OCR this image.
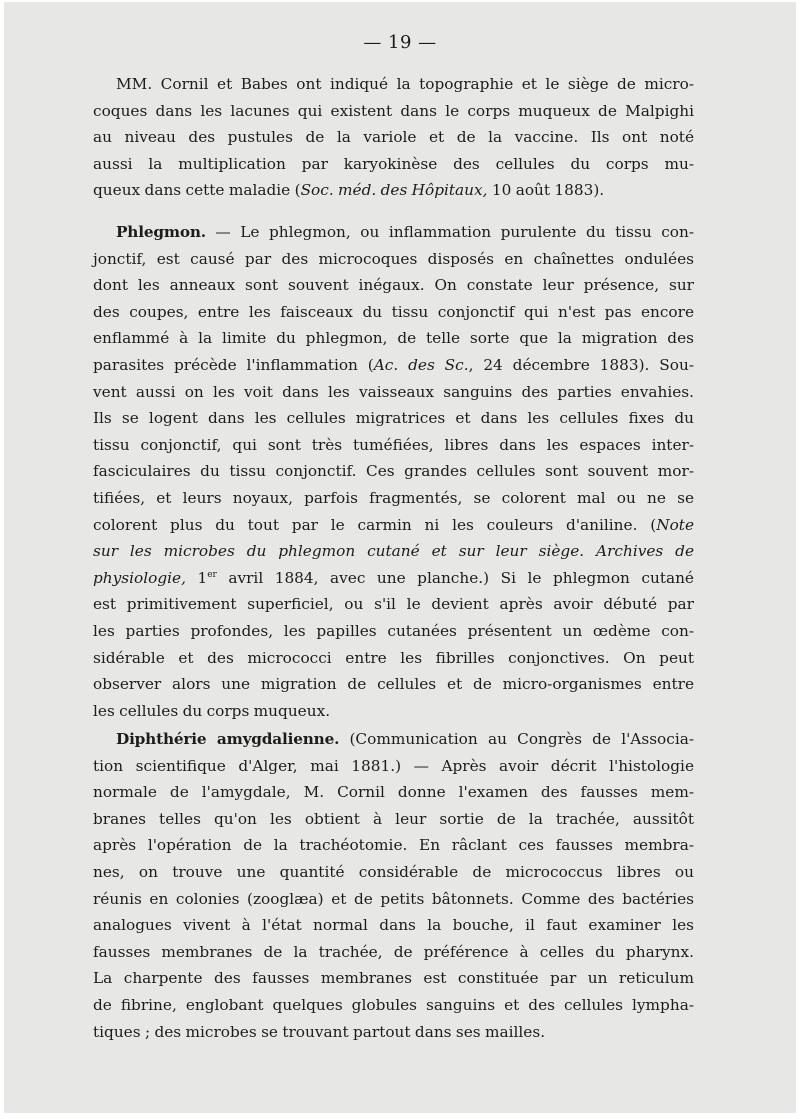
— 19 —
MM. Cornil et Babes ont indiqué la topographie et le siège de micro-
coques dans les lacunes qui existent dans le corps muqueux de Malpighi
au niveau des pustules de la variole et de la vaccine. Ils ont noté
aussi la multiplication par karyokinèse des cellules du corps mu-
queux dans cette maladie (Soc. méd. des Hôpitaux, 10 août 1883).
Phlegmon. — Le phlegmon, ou inflammation purulente du tissu con-
jonctif, est causé par des microcoques disposés en chaînettes ondulées
dont les anneaux sont souvent inégaux. On constate leur présence, sur
des coupes, entre les faisceaux du tissu conjonctif qui n'est pas encore
enflammé à la limite du phlegmon, de telle sorte que la migration des
parasites précède l'inflammation (Ac. des Sc., 24 décembre 1883). Sou-
vent aussi on les voit dans les vaisseaux sanguins des parties envahies.
Ils se logent dans les cellules migratrices et dans les cellules fixes du
tissu conjonctif, qui sont très tuméfiées, libres dans les espaces inter-
fasciculaires du tissu conjonctif. Ces grandes cellules sont souvent mor-
tifiées, et leurs noyaux, parfois fragmentés, se colorent mal ou ne se
colorent plus du tout par le carmin ni les couleurs d'aniline. (Note
sur les microbes du phlegmon cutané et sur leur siège. Archives de
physiologie, 1er avril 1884, avec une planche.) Si le phlegmon cutané
est primitivement superficiel, ou s'il le devient après avoir débuté par
les parties profondes, les papilles cutanées présentent un œdème con-
sidérable et des micrococci entre les fibrilles conjonctives. On peut
observer alors une migration de cellules et de micro-organismes entre
les cellules du corps muqueux.
Diphthérie amygdalienne. (Communication au Congrès de l'Associa-
tion scientifique d'Alger, mai 1881.) — Après avoir décrit l'histologie
normale de l'amygdale, M. Cornil donne l'examen des fausses mem-
branes telles qu'on les obtient à leur sortie de la trachée, aussitôt
après l'opération de la trachéotomie. En râclant ces fausses membra-
nes, on trouve une quantité considérable de micrococcus libres ou
réunis en colonies (zooglæa) et de petits bâtonnets. Comme des bactéries
analogues vivent à l'état normal dans la bouche, il faut examiner les
fausses membranes de la trachée, de préférence à celles du pharynx.
La charpente des fausses membranes est constituée par un reticulum
de fibrine, englobant quelques globules sanguins et des cellules lympha-
tiques ; des microbes se trouvant partout dans ses mailles.
